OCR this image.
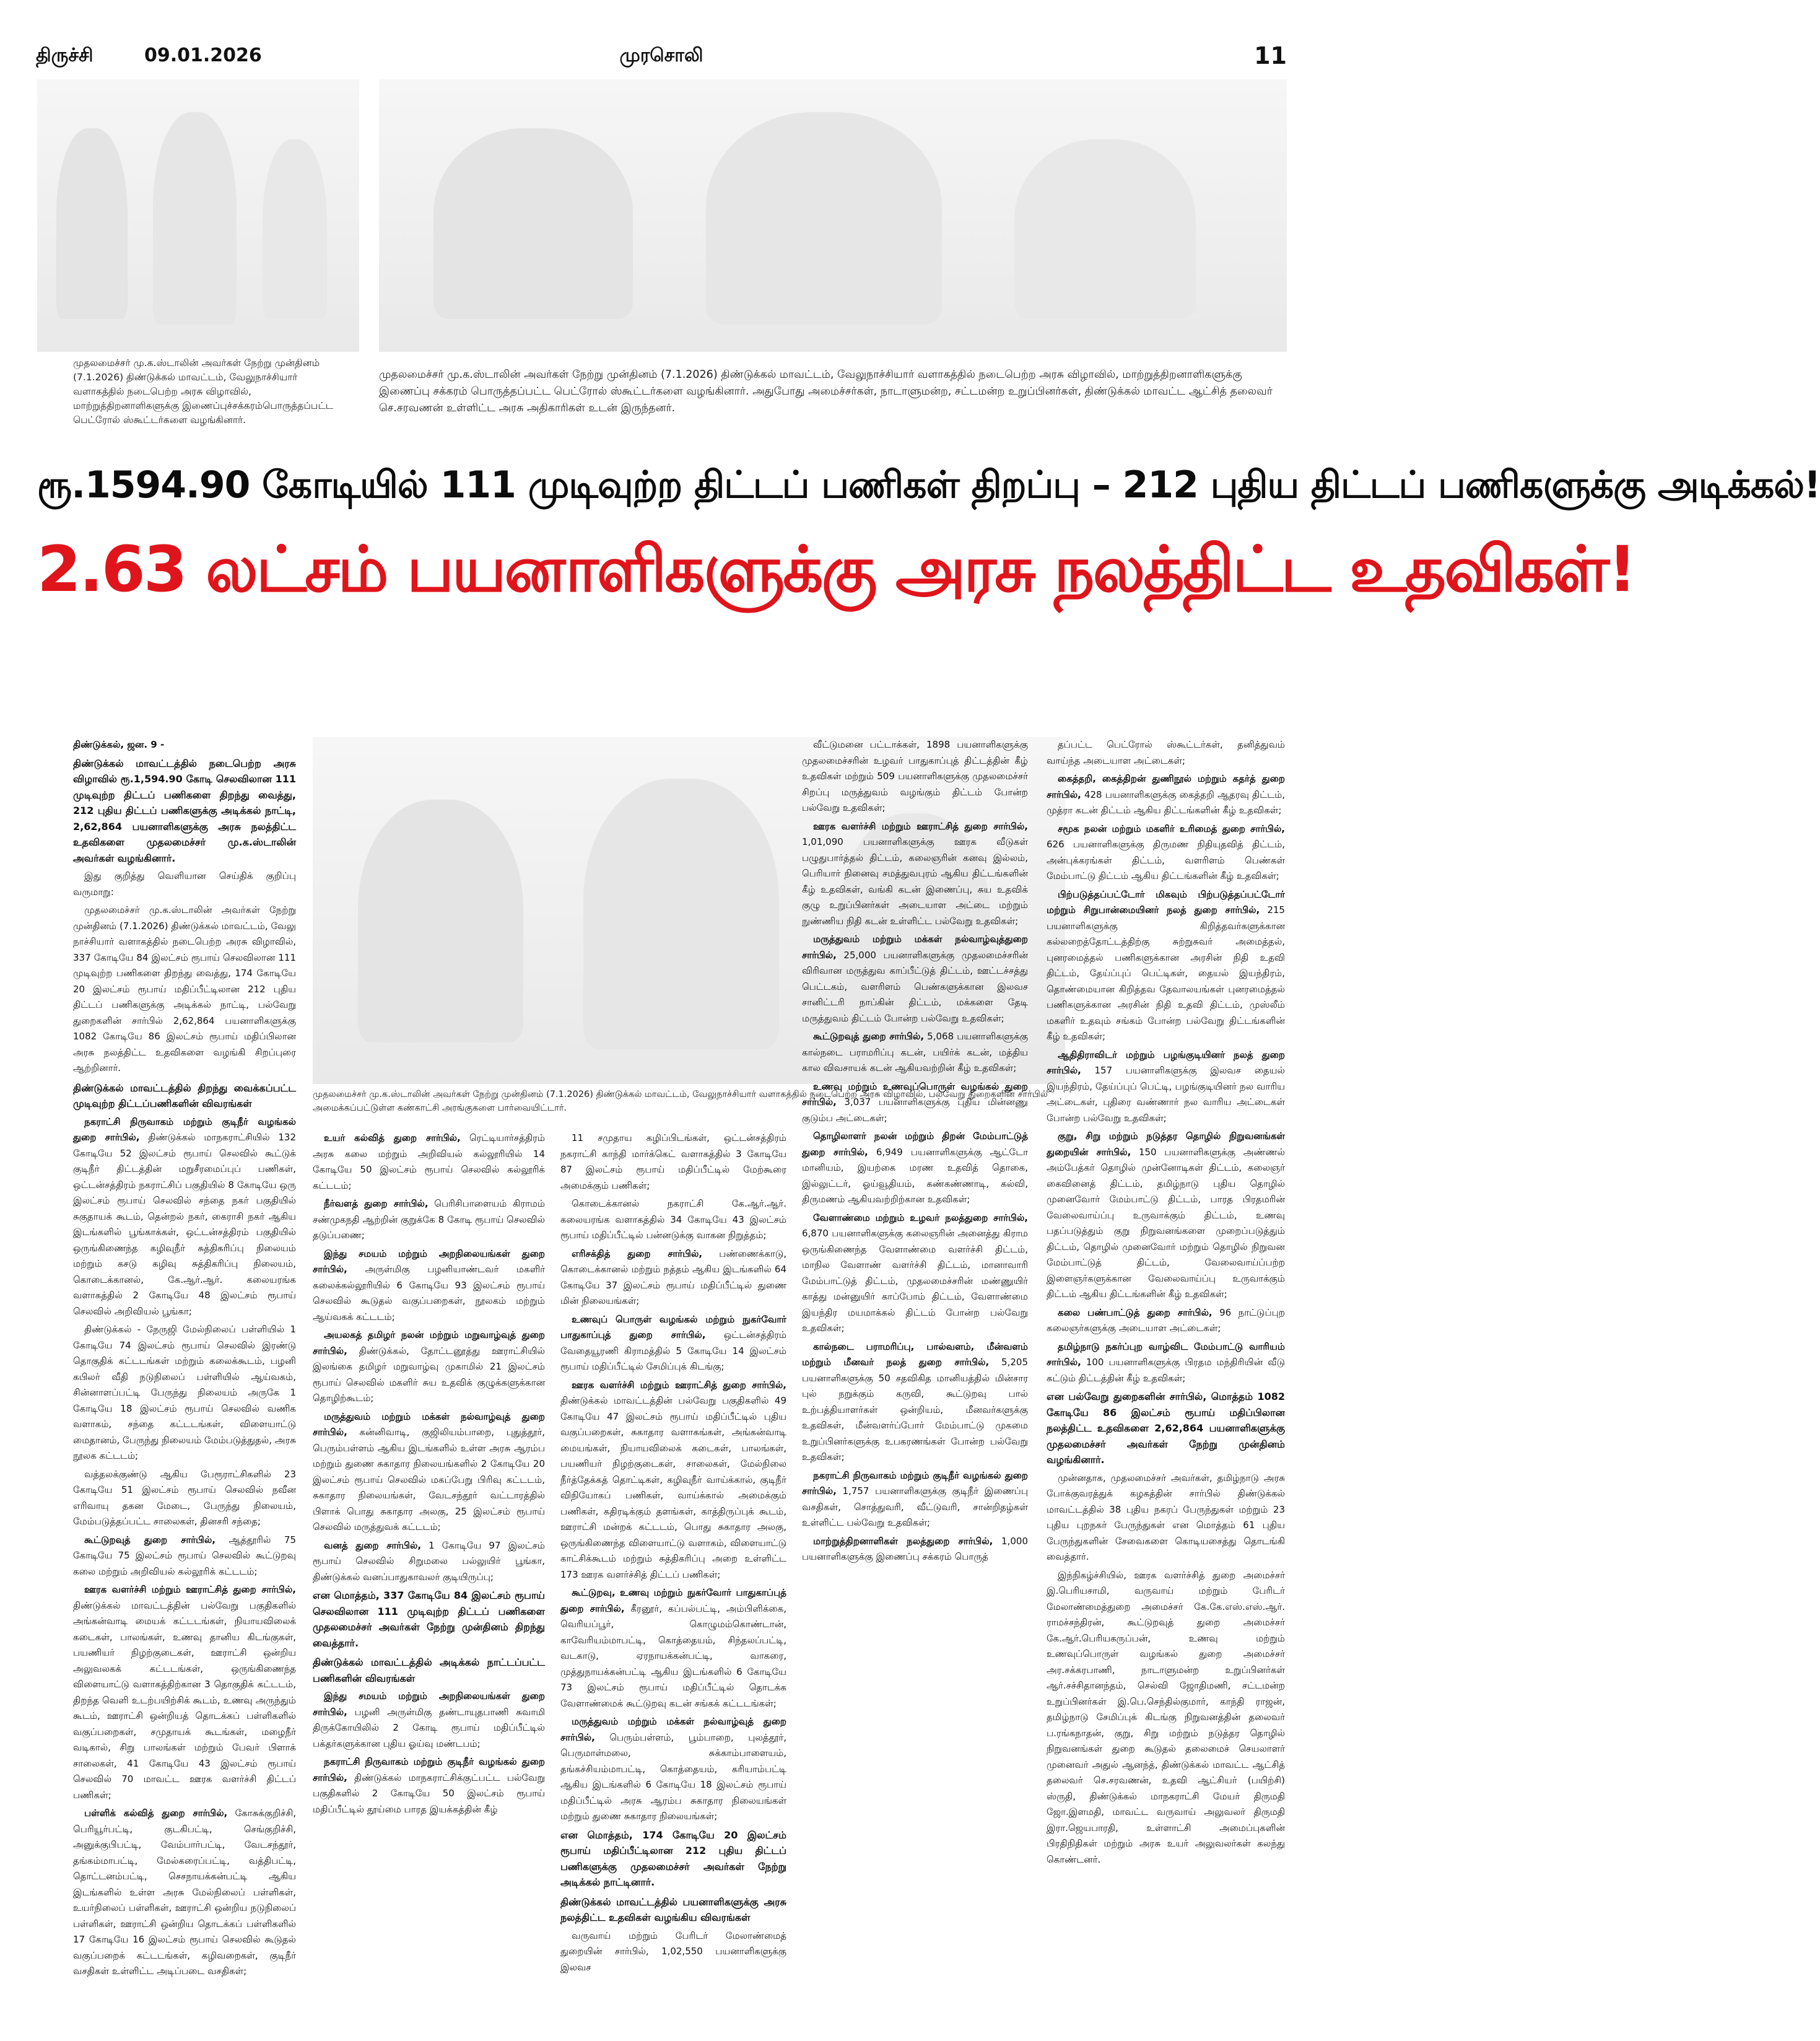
திருச்சி	09.01.2026	முரசொலி	11
முதலமைச்சர் மு.க.ஸ்டாலின் அவர்கள் நேற்று முன்தினம் (7.1.2026) திண்டுக்கல் மாவட்டம், வேலுநாச்சியார் வளாகத்தில் நடைபெற்ற அரசு விழாவில், மாற்றுத்திறனாளிகளுக்கு இணைப்புச்சக்கரம்பொருத்தப்பட்ட பெட்ரோல் ஸ்கூட்டர்களை வழங்கினார்.
முதலமைச்சர் மு.க.ஸ்டாலின் அவர்கள் நேற்று முன்தினம் (7.1.2026) திண்டுக்கல் மாவட்டம், வேலுநாச்சியார் வளாகத்தில் நடைபெற்ற அரசு விழாவில், மாற்றுத்திறனாளிகளுக்கு இணைப்பு சக்கரம் பொருத்தப்பட்ட பெட்ரோல் ஸ்கூட்டர்களை வழங்கினார். அதுபோது அமைச்சர்கள், நாடாளுமன்ற, சட்டமன்ற உறுப்பினர்கள், திண்டுக்கல் மாவட்ட ஆட்சித் தலைவர் செ.சரவணன் உள்ளிட்ட அரசு அதிகாரிகள் உடன் இருந்தனர்.
ரூ.1594.90 கோடியில் 111 முடிவுற்ற திட்டப் பணிகள் திறப்பு – 212 புதிய திட்டப் பணிகளுக்கு அடிக்கல்!
2.63 லட்சம் பயனாளிகளுக்கு அரசு நலத்திட்ட உதவிகள்!
முதலமைச்சர் மு.க.ஸ்டாலின் அவர்கள் நேற்று முன்தினம் (7.1.2026) திண்டுக்கல் மாவட்டம், வேலுநாச்சியார் வளாகத்தில் நடைபெற்ற அரசு விழாவில், பல்வேறு துறைகளின் சார்பில் அமைக்கப்பட்டுள்ள கண்காட்சி அரங்குகளை பார்வையிட்டார்.

திண்டுக்கல், ஜன. 9 -

திண்டுக்கல் மாவட்டத்தில் நடைபெற்ற அரசு விழாவில் ரூ.1,594.90 கோடி செலவிலான 111 முடிவுற்ற திட்டப் பணிகளை திறந்து வைத்து, 212 புதிய திட்டப் பணிகளுக்கு அடிக்கல் நாட்டி, 2,62,864 பயனாளிகளுக்கு அரசு நலத்திட்ட உதவிகளை முதலமைச்சர் மு.க.ஸ்டாலின் அவர்கள் வழங்கினார்.

இது குறித்து வெளியான செய்திக் குறிப்பு வருமாறு:

முதலமைச்சர் மு.க.ஸ்டாலின் அவர்கள் நேற்று முன்தினம் (7.1.2026) திண்டுக்கல் மாவட்டம், வேலு நாச்சியார் வளாகத்தில் நடைபெற்ற அரசு விழாவில், 337 கோடியே 84 இலட்சம் ரூபாய் செலவிலான 111 முடிவுற்ற பணிகளை திறந்து வைத்து, 174 கோடியே 20 இலட்சம் ரூபாய் மதிப்பீட்டிலான 212 புதிய திட்டப் பணிகளுக்கு அடிக்கல் நாட்டி, பல்வேறு துறைகளின் சார்பில் 2,62,864 பயனாளிகளுக்கு 1082 கோடியே 86 இலட்சம் ரூபாய் மதிப்பிலான அரசு நலத்திட்ட உதவிகளை வழங்கி சிறப்புரை ஆற்றினார்.

திண்டுக்கல் மாவட்டத்தில் திறந்து வைக்கப்பட்ட முடிவுற்ற திட்டப்பணிகளின் விவரங்கள்

நகராட்சி நிருவாகம் மற்றும் குடிநீர் வழங்கல் துறை சார்பில், திண்டுக்கல் மாநகராட்சியில் 132 கோடியே 52 இலட்சம் ரூபாய் செலவில் கூட்டுக் குடிநீர் திட்டத்தின் மறுசீரமைப்புப் பணிகள், ஒட்டன்சத்திரம் நகராட்சிப் பகுதியில் 8 கோடியே ஒரு இலட்சம் ரூபாய் செலவில் சந்தை நகர் பகுதியில் சுகுதாயக் கூடம், தென்றல் நகர், கைராசி நகர் ஆகிய இடங்களில் பூங்காக்கள், ஒட்டன்சத்திரம் பகுதியில் ஒருங்கிணைந்த கழிவுநீர் சுத்திகரிப்பு நிலையம் மற்றும் கசடு கழிவு சுத்திகரிப்பு நிலையம், கொடைக்கானல், கே.ஆர்.ஆர். கலையரங்க வளாகத்தில் 2 கோடியே 48 இலட்சம் ரூபாய் செலவில் அறிவியல் பூங்கா;

திண்டுக்கல் - நேருஜி மேல்நிலைப் பள்ளியில் 1 கோடியே 74 இலட்சம் ரூபாய் செலவில் இரண்டு தொகுதிக் கட்டடங்கள் மற்றும் கலைக்கூடம், பழனி கபிலர் வீதி நடுநிலைப் பள்ளியில் ஆய்வகம், சின்னாளப்பட்டி பேருந்து நிலையம் அருகே 1 கோடியே 18 இலட்சம் ரூபாய் செலவில் வணிக வளாகம், சந்தை கட்டடங்கள், விளையாட்டு மைதானம், பேருந்து நிலையம் மேம்படுத்துதல், அரசு நூலக கட்டடம்;

வத்தலக்குண்டு ஆகிய பேரூராட்சிகளில் 23 கோடியே 51 இலட்சம் ரூபாய் செலவில் நவீன எரிவாயு தகன மேடை, பேருந்து நிலையம், மேம்படுத்தப்பட்ட சாலைகள், தினசரி சந்தை;

கூட்டுறவுத் துறை சார்பில், ஆத்தூரில் 75 கோடியே 75 இலட்சம் ரூபாய் செலவில் கூட்டுறவு கலை மற்றும் அறிவியல் கல்லூரிக் கட்டடம்;

ஊரக வளர்ச்சி மற்றும் ஊராட்சித் துறை சார்பில், திண்டுக்கல் மாவட்டத்தின் பல்வேறு பகுதிகளில் அங்கன்வாடி மையக் கட்டடங்கள், நியாயவிலைக் கடைகள், பாலங்கள், உணவு தானிய கிடங்குகள், பயணியர் நிழற்குடைகள், ஊராட்சி ஒன்றிய அலுவலகக் கட்டடங்கள், ஒருங்கிணைந்த விளையாட்டு வளாகத்திற்கான 3 தொகுதிக் கட்டடம், திறந்த வெளி உடற்பயிற்சிக் கூடம், உணவு அருந்தும் கூடம், ஊராட்சி ஒன்றியத் தொடக்கப் பள்ளிகளில் வகுப்பறைகள், சமுதாயக் கூடங்கள், மழைநீர் வடிகால், சிறு பாலங்கள் மற்றும் பேவர் பிளாக் சாலைகள், 41 கோடியே 43 இலட்சம் ரூபாய் செலவில் 70 மாவட்ட ஊரக வளர்ச்சி திட்டப் பணிகள்;

பள்ளிக் கல்வித் துறை சார்பில், கோசுக்குறிச்சி, பெரியூர்பட்டி, குடகிபட்டி, செங்குறிச்சி, அனுக்குபிபட்டி, வேம்பார்பட்டி, வேடசந்தூர், தங்கம்மாபட்டி, மேல்கரைப்பட்டி, வத்திபட்டி, தொட்டனம்பட்டி, செசநாயக்கன்பட்டி ஆகிய இடங்களில் உள்ள அரசு மேல்நிலைப் பள்ளிகள், உயர்நிலைப் பள்ளிகள், ஊராட்சி ஒன்றிய நடுநிலைப் பள்ளிகள், ஊராட்சி ஒன்றிய தொடக்கப் பள்ளிகளில் 17 கோடியே 16 இலட்சம் ரூபாய் செலவில் கூடுதல் வகுப்பறைக் கட்டடங்கள், கழிவறைகள், குடிநீர் வசதிகள் உள்ளிட்ட அடிப்படை வசதிகள்;

உயர் கல்வித் துறை சார்பில், ரெட்டியார்சத்திரம் அரசு கலை மற்றும் அறிவியல் கல்லூரியில் 14 கோடியே 50 இலட்சம் ரூபாய் செலவில் கல்லூரிக் கட்டடம்;

நீர்வளத் துறை சார்பில், பெரிசிபாளையம் கிராமம் சண்முகநதி ஆற்றின் குறுக்கே 8 கோடி ரூபாய் செலவில் தடுப்பணை;

இந்து சமயம் மற்றும் அறநிலையங்கள் துறை சார்பில், அருள்மிகு பழனியாண்டவர் மகளிர் கலைக்கல்லூரியில் 6 கோடியே 93 இலட்சம் ரூபாய் செலவில் கூடுதல் வகுப்பறைகள், நூலகம் மற்றும் ஆய்வகக் கட்டடம்;

அயலகத் தமிழர் நலன் மற்றும் மறுவாழ்வுத் துறை சார்பில், திண்டுக்கல், தோட்டனூத்து ஊராட்சியில் இலங்கை தமிழர் மறுவாழ்வு முகாமில் 21 இலட்சம் ரூபாய் செலவில் மகளிர் சுய உதவிக் குழுக்களுக்கான தொழிற்கூடம்;

மருத்துவம் மற்றும் மக்கள் நல்வாழ்வுத் துறை சார்பில், கன்னிவாடி, குஜிலியம்பாறை, புதுத்தூர், பெரும்பள்ளம் ஆகிய இடங்களில் உள்ள அரசு ஆரம்ப மற்றும் துணை சுகாதார நிலையங்களில் 2 கோடியே 20 இலட்சம் ரூபாய் செலவில் மகப்பேறு பிரிவு கட்டடம், சுகாதார நிலையங்கள், வேடசந்தூர் வட்டாரத்தில் பிளாக் பொது சுகாதார அலகு, 25 இலட்சம் ரூபாய் செலவில் மருத்துவக் கட்டடம்;

வனத் துறை சார்பில், 1 கோடியே 97 இலட்சம் ரூபாய் செலவில் சிறுமலை பல்லுயிர் பூங்கா, திண்டுக்கல் வனப்பாதுகாவலர் குடியிருப்பு;

என மொத்தம், 337 கோடியே 84 இலட்சம் ரூபாய் செலவிலான 111 முடிவுற்ற திட்டப் பணிகளை முதலமைச்சர் அவர்கள் நேற்று முன்தினம் திறந்து வைத்தார்.

திண்டுக்கல் மாவட்டத்தில் அடிக்கல் நாட்டப்பட்ட பணிகளின் விவரங்கள்

இந்து சமயம் மற்றும் அறநிலையங்கள் துறை சார்பில், பழனி அருள்மிகு தண்டாயுதபாணி சுவாமி திருக்கோயிலில் 2 கோடி ரூபாய் மதிப்பீட்டில் பக்தர்களுக்கான புதிய ஓய்வு மண்டபம்;

நகராட்சி நிருவாகம் மற்றும் குடிநீர் வழங்கல் துறை சார்பில், திண்டுக்கல் மாநகராட்சிக்குட்பட்ட பல்வேறு பகுதிகளில் 2 கோடியே 50 இலட்சம் ரூபாய் மதிப்பீட்டில் தூய்மை பாரத இயக்கத்தின் கீழ்

11 சமுதாய கழிப்பிடங்கள், ஒட்டன்சத்திரம் நகராட்சி காந்தி மார்க்கெட் வளாகத்தில் 3 கோடியே 87 இலட்சம் ரூபாய் மதிப்பீட்டில் மேற்கூரை அமைக்கும் பணிகள்;

கொடைக்கானல் நகராட்சி கே.ஆர்.ஆர். கலையரங்க வளாகத்தில் 34 கோடியே 43 இலட்சம் ரூபாய் மதிப்பீட்டில் பன்னடுக்கு வாகன நிறுத்தம்;

எரிசக்தித் துறை சார்பில், பண்ணைக்காடு, கொடைக்கானல் மற்றும் நத்தம் ஆகிய இடங்களில் 64 கோடியே 37 இலட்சம் ரூபாய் மதிப்பீட்டில் துணை மின் நிலையங்கள்;

உணவுப் பொருள் வழங்கல் மற்றும் நுகர்வோர் பாதுகாப்புத் துறை சார்பில், ஒட்டன்சத்திரம் வேதையூரணி கிராமத்தில் 5 கோடியே 14 இலட்சம் ரூபாய் மதிப்பீட்டில் சேமிப்புக் கிடங்கு;

ஊரக வளர்ச்சி மற்றும் ஊராட்சித் துறை சார்பில், திண்டுக்கல் மாவட்டத்தின் பல்வேறு பகுதிகளில் 49 கோடியே 47 இலட்சம் ரூபாய் மதிப்பீட்டில் புதிய வகுப்பறைகள், சுகாதார வளாகங்கள், அங்கன்வாடி மையங்கள், நியாயவிலைக் கடைகள், பாலங்கள், பயணியர் நிழற்குடைகள், சாலைகள், மேல்நிலை நீர்த்தேக்கத் தொட்டிகள், கழிவுநீர் வாய்க்கால், குடிநீர் விநியோகப் பணிகள், வாய்க்கால் அமைக்கும் பணிகள், கதிரடிக்கும் தளங்கள், காத்திருப்புக் கூடம், ஊராட்சி மன்றக் கட்டடம், பொது சுகாதார அலகு, ஒருங்கிணைந்த விளையாட்டு வளாகம், விளையாட்டு காட்சிக்கூடம் மற்றும் சுத்திகரிப்பு அறை உள்ளிட்ட 173 ஊரக வளர்ச்சித் திட்டப் பணிகள்;

கூட்டுறவு, உணவு மற்றும் நுகர்வோர் பாதுகாப்புத் துறை சார்பில், கீரனூர், கப்பல்பட்டி, அம்பிளிக்கை, வெரியப்பூர், கொழுமம்கொண்டான், காவேரியம்மாபட்டி, கொத்தையம், சிந்தலப்பட்டி, வடகாடு, ஏரநாயக்கன்பட்டி, வாகரை, முத்துநாயக்கன்பட்டி ஆகிய இடங்களில் 6 கோடியே 73 இலட்சம் ரூபாய் மதிப்பீட்டில் தொடக்க வேளாண்மைக் கூட்டுறவு கடன் சங்கக் கட்டடங்கள்;

மருத்துவம் மற்றும் மக்கள் நல்வாழ்வுத் துறை சார்பில், பெரும்பள்ளம், பூம்பாறை, புலத்தூர், பெருமாள்மலை, சுக்காம்பாளையம், தங்கச்சியம்மாபட்டி, கொத்தையம், கரியாம்பட்டி ஆகிய இடங்களில் 6 கோடியே 18 இலட்சம் ரூபாய் மதிப்பீட்டில் அரசு ஆரம்ப சுகாதார நிலையங்கள் மற்றும் துணை சுகாதார நிலையங்கள்;

என மொத்தம், 174 கோடியே 20 இலட்சம் ரூபாய் மதிப்பீட்டிலான 212 புதிய திட்டப் பணிகளுக்கு முதலமைச்சர் அவர்கள் நேற்று அடிக்கல் நாட்டினார்.

திண்டுக்கல் மாவட்டத்தில் பயனாளிகளுக்கு அரசு நலத்திட்ட உதவிகள் வழங்கிய விவரங்கள்

வருவாய் மற்றும் பேரிடர் மேலாண்மைத் துறையின் சார்பில், 1,02,550 பயனாளிகளுக்கு இலவச

வீட்டுமனை பட்டாக்கள், 1898 பயனாளிகளுக்கு முதலமைச்சரின் உழவர் பாதுகாப்புத் திட்டத்தின் கீழ் உதவிகள் மற்றும் 509 பயனாளிகளுக்கு முதலமைச்சர் சிறப்பு மருத்துவம் வழங்கும் திட்டம் போன்ற பல்வேறு உதவிகள்;

ஊரக வளர்ச்சி மற்றும் ஊராட்சித் துறை சார்பில், 1,01,090 பயனாளிகளுக்கு ஊரக வீடுகள் பழுதுபார்த்தல் திட்டம், கலைஞரின் கனவு இல்லம், பெரியார் நினைவு சமத்துவபுரம் ஆகிய திட்டங்களின் கீழ் உதவிகள், வங்கி கடன் இணைப்பு, சுய உதவிக் குழு உறுப்பினர்கள் அடையாள அட்டை மற்றும் நுண்ணிய நிதி கடன் உள்ளிட்ட பல்வேறு உதவிகள்;

மருத்துவம் மற்றும் மக்கள் நல்வாழ்வுத்துறை சார்பில், 25,000 பயனாளிகளுக்கு முதலமைச்சரின் விரிவான மருத்துவ காப்பீட்டுத் திட்டம், ஊட்டச்சத்து பெட்டகம், வளரிளம் பெண்களுக்கான இலவச சானிட்டரி நாப்கின் திட்டம், மக்களை தேடி மருத்துவம் திட்டம் போன்ற பல்வேறு உதவிகள்;

கூட்டுறவுத் துறை சார்பில், 5,068 பயனாளிகளுக்கு கால்நடை பராமரிப்பு கடன், பயிர்க் கடன், மத்திய கால விவசாயக் கடன் ஆகியவற்றின் கீழ் உதவிகள்;

உணவு மற்றும் உணவுப்பொருள் வழங்கல் துறை சார்பில், 3,037 பயனாளிகளுக்கு புதிய மின்னணு குடும்ப அட்டைகள்;

தொழிலாளர் நலன் மற்றும் திறன் மேம்பாட்டுத் துறை சார்பில், 6,949 பயனாளிகளுக்கு ஆட்டோ மானியம், இயற்கை மரண உதவித் தொகை, இல்லுட்டர், ஓய்வூதியம், கண்கண்ணாடி, கல்வி, திருமணம் ஆகியவற்றிற்கான உதவிகள்;

வேளாண்மை மற்றும் உழவர் நலத்துறை சார்பில், 6,870 பயனாளிகளுக்கு கலைஞரின் அனைத்து கிராம ஒருங்கிணைந்த வேளாண்மை வளர்ச்சி திட்டம், மாநில வேளாண் வளர்ச்சி திட்டம், மானாவாரி மேம்பாட்டுத் திட்டம், முதலமைச்சரின் மண்ணுயிர் காத்து மன்னுயிர் காப்போம் திட்டம், வேளாண்மை இயந்திர மயமாக்கல் திட்டம் போன்ற பல்வேறு உதவிகள்;

கால்நடை பராமரிப்பு, பால்வளம், மீன்வளம் மற்றும் மீனவர் நலத் துறை சார்பில், 5,205 பயனாளிகளுக்கு 50 சதவிகித மானியத்தில் மின்சார புல் நறுக்கும் கருவி, கூட்டுறவு பால் உற்பத்தியாளர்கள் ஒன்றியம், மீனவர்களுக்கு உதவிகள், மீன்வளர்ப்போர் மேம்பாட்டு முகமை உறுப்பினர்களுக்கு உபகரணங்கள் போன்ற பல்வேறு உதவிகள்;

நகராட்சி நிருவாகம் மற்றும் குடிநீர் வழங்கல் துறை சார்பில், 1,757 பயனாளிகளுக்கு குடிநீர் இணைப்பு வசதிகள், சொத்துவரி, வீட்டுவரி, சான்றிதழ்கள் உள்ளிட்ட பல்வேறு உதவிகள்;

மாற்றுத்திறனாளிகள் நலத்துறை சார்பில், 1,000 பயனாளிகளுக்கு இணைப்பு சக்கரம் பொருத்

தப்பட்ட பெட்ரோல் ஸ்கூட்டர்கள், தனித்துவம் வாய்ந்த அடையாள அட்டைகள்;

கைத்தறி, கைத்திறன் துணிநூல் மற்றும் கதர்த் துறை சார்பில், 428 பயனாளிகளுக்கு கைத்தறி ஆதரவு திட்டம், முத்ரா கடன் திட்டம் ஆகிய திட்டங்களின் கீழ் உதவிகள்;

சமூக நலன் மற்றும் மகளிர் உரிமைத் துறை சார்பில், 626 பயனாளிகளுக்கு திருமண நிதியுதவித் திட்டம், அன்புக்கரங்கள் திட்டம், வளரிளம் பெண்கள் மேம்பாட்டு திட்டம் ஆகிய திட்டங்களின் கீழ் உதவிகள்;

பிற்படுத்தப்பட்டோர் மிகவும் பிற்படுத்தப்பட்டோர் மற்றும் சிறுபான்மையினர் நலத் துறை சார்பில், 215 பயனாளிகளுக்கு கிறித்தவர்களுக்கான கல்லறைத்தோட்டத்திற்கு சுற்றுசுவர் அமைத்தல், புனரமைத்தல் பணிகளுக்கான அரசின் நிதி உதவி திட்டம், தேய்ப்புப் பெட்டிகள், தையல் இயந்திரம், தொண்மையான கிறித்தவ தேவாலயங்கள் புனரமைத்தல் பணிகளுக்கான அரசின் நிதி உதவி திட்டம், முஸ்லீம் மகளிர் உதவும் சங்கம் போன்ற பல்வேறு திட்டங்களின் கீழ் உதவிகள்;

ஆதிதிராவிடர் மற்றும் பழங்குடியினர் நலத் துறை சார்பில், 157 பயனாளிகளுக்கு இலவச தையல் இயந்திரம், தேய்ப்புப் பெட்டி, பழங்குடியினர் நல வாரிய அட்டைகள், புதிரை வண்ணார் நல வாரிய அட்டைகள் போன்ற பல்வேறு உதவிகள்;

குறு, சிறு மற்றும் நடுத்தர தொழில் நிறுவனங்கள் துறையின் சார்பில், 150 பயனாளிகளுக்கு அண்ணல் அம்பேத்கர் தொழில் முன்னோடிகள் திட்டம், கலைஞர் கைவினைத் திட்டம், தமிழ்நாடு புதிய தொழில் முனைவோர் மேம்பாட்டு திட்டம், பாரத பிரதமரின் வேலைவாய்ப்பு உருவாக்கும் திட்டம், உணவு பதப்படுத்தும் குறு நிறுவனங்களை முறைப்படுத்தும் திட்டம், தொழில் முனைவோர் மற்றும் தொழில் நிறுவன மேம்பாட்டுத் திட்டம், வேலைவாய்ப்பற்ற இளைஞர்களுக்கான வேலைவாய்ப்பு உருவாக்கும் திட்டம் ஆகிய திட்டங்களின் கீழ் உதவிகள்;

கலை பண்பாட்டுத் துறை சார்பில், 96 நாட்டுப்புற கலைஞர்களுக்கு அடையாள அட்டைகள்;

தமிழ்நாடு நகர்ப்புற வாழ்விட மேம்பாட்டு வாரியம் சார்பில், 100 பயனாளிகளுக்கு பிரதம மந்திரியின் வீடு கட்டும் திட்டத்தின் கீழ் உதவிகள்;

என பல்வேறு துறைகளின் சார்பில், மொத்தம் 1082 கோடியே 86 இலட்சம் ரூபாய் மதிப்பிலான நலத்திட்ட உதவிகளை 2,62,864 பயனாளிகளுக்கு முதலமைச்சர் அவர்கள் நேற்று முன்தினம் வழங்கினார்.

முன்னதாக, முதலமைச்சர் அவர்கள், தமிழ்நாடு அரசு போக்குவரத்துக் கழகத்தின் சார்பில் திண்டுக்கல் மாவட்டத்தில் 38 புதிய நகரப் பேருந்துகள் மற்றும் 23 புதிய புறநகர் பேருந்துகள் என மொத்தம் 61 புதிய பேருந்துகளின் சேவைகளை கொடியசைத்து தொடங்கி வைத்தார்.

இந்நிகழ்ச்சியில், ஊரக வளர்ச்சித் துறை அமைச்சர் இ.பெரியசாமி, வருவாய் மற்றும் பேரிடர் மேலாண்மைத்துறை அமைச்சர் கே.கே.எஸ்.எஸ்.ஆர். ராமச்சந்திரன், கூட்டுறவுத் துறை அமைச்சர் கே.ஆர்.பெரியகருப்பன், உணவு மற்றும் உணவுப்பொருள் வழங்கல் துறை அமைச்சர் அர.சக்கரபாணி, நாடாளுமன்ற உறுப்பினர்கள் ஆர்.சச்சிதானந்தம், செல்வி ஜோதிமணி, சட்டமன்ற உறுப்பினர்கள் இ.பெ.செந்தில்குமார், காந்தி ராஜன், தமிழ்நாடு சேமிப்புக் கிடங்கு நிறுவனத்தின் தலைவர் ப.ரங்கநாதன், குறு, சிறு மற்றும் நடுத்தர தொழில் நிறுவனங்கள் துறை கூடுதல் தலைமைச் செயலாளர் முனைவர் அதுல் ஆனந்த், திண்டுக்கல் மாவட்ட ஆட்சித் தலைவர் செ.சரவணன், உதவி ஆட்சியர் (பயிற்சி) ஸ்ருதி, திண்டுக்கல் மாநகராட்சி மேயர் திருமதி ஜோ.இளமதி, மாவட்ட வருவாய் அலுவலர் திருமதி இரா.ஜெயபாரதி, உள்ளாட்சி அமைப்புகளின் பிரதிநிதிகள் மற்றும் அரசு உயர் அலுவலர்கள் கலந்து கொண்டனர்.
